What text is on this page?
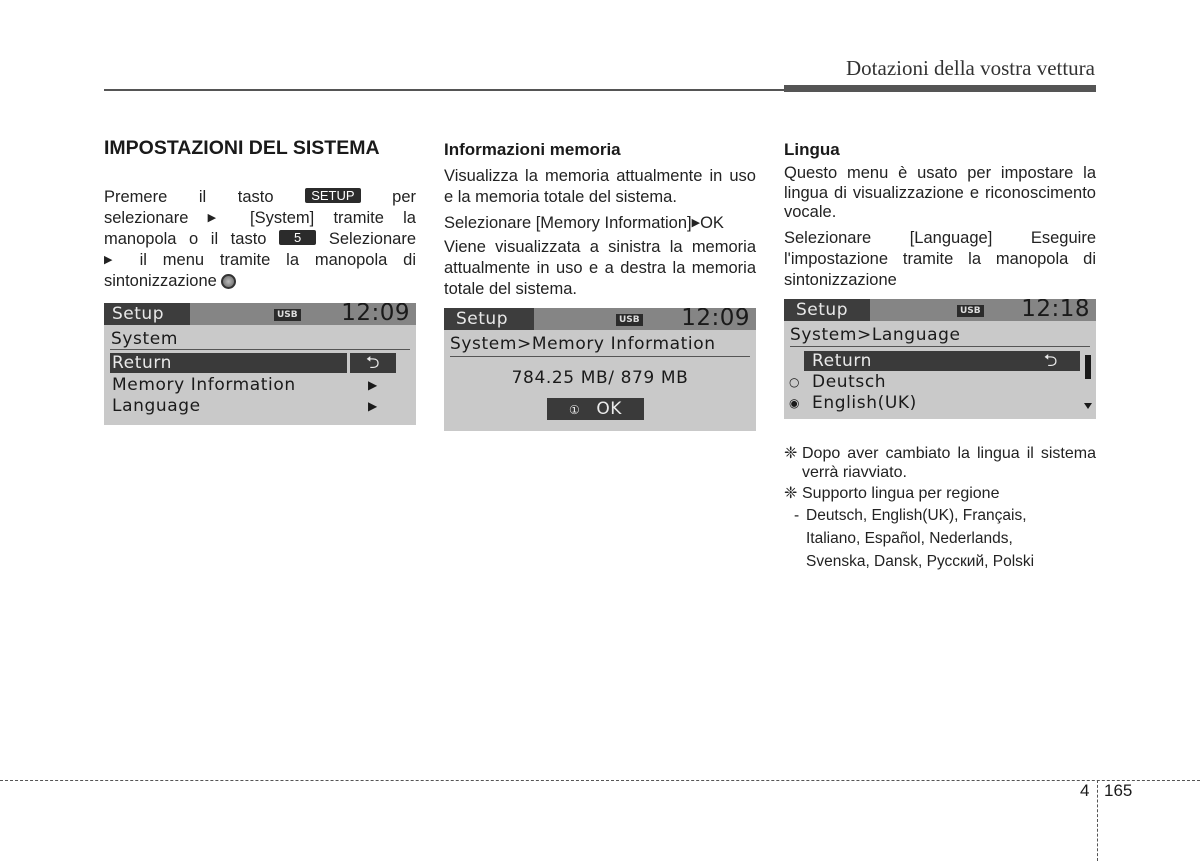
Dotazioni della vostra vettura
IMPOSTAZIONI DEL SISTEMA

Premere il tasto	SETUP per

selezionare ▶ [System] tramite la

manopola o il tasto 5 Selezionare

▶ il menu tramite la manopola di

sintonizzazione

Setup	USB 12:09
System
Return	⮌
Memory Information	▶
Language	▶
Informazioni memoria

Visualizza la memoria attualmente in uso e la memoria totale del sistema.

Selezionare [Memory Information]▶OK

Viene visualizzata a sinistra la memoria attualmente in uso e a destra la memoria totale del sistema.

Setup	USB 12:09
System>Memory Information
784.25 MB/ 879 MB
① OK
Lingua

Questo menu è usato per impostare la lingua di visualizzazione e riconoscimento vocale.

Selezionare [Language] Eseguire l'impostazione tramite la manopola di sintonizzazione

Setup	USB 12:18
System>Language
Return	⮌
○ Deutsch
◉ English(UK)
❈ Dopo aver cambiato la lingua il sistema verrà riavviato.
❈ Supporto lingua per regione
- Deutsch, English(UK), Français,
Italiano, Español, Nederlands,
Svenska, Dansk, Русский, Polski
4 165
